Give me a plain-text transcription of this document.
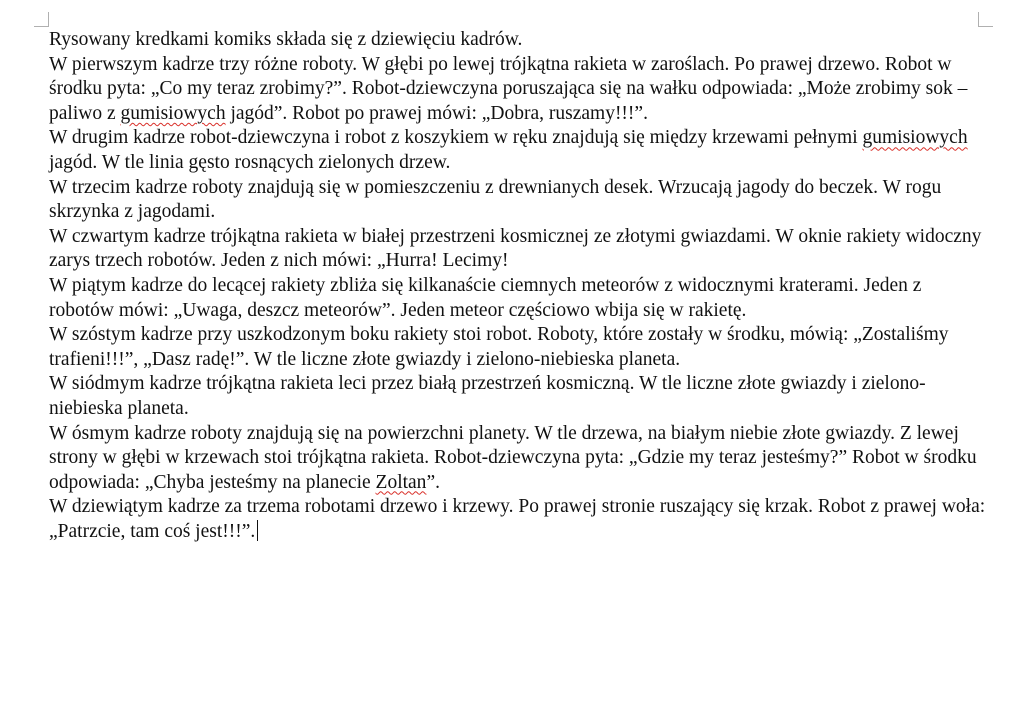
Rysowany kredkami komiks składa się z dziewięciu kadrów.

W pierwszym kadrze trzy różne roboty. W głębi po lewej trójkątna rakieta w zaroślach. Po prawej drzewo. Robot w środku pyta: „Co my teraz zrobimy?”. Robot-dziewczyna poruszająca się na wałku odpowiada: „Może zrobimy sok – paliwo z gumisiowych jagód”. Robot po prawej mówi: „Dobra, ruszamy!!!”.

W drugim kadrze robot-dziewczyna i robot z koszykiem w ręku znajdują się między krzewami pełnymi gumisiowych jagód. W tle linia gęsto rosnących zielonych drzew.

W trzecim kadrze roboty znajdują się w pomieszczeniu z drewnianych desek. Wrzucają jagody do beczek. W rogu skrzynka z jagodami.

W czwartym kadrze trójkątna rakieta w białej przestrzeni kosmicznej ze złotymi gwiazdami. W oknie rakiety widoczny zarys trzech robotów. Jeden z nich mówi: „Hurra! Lecimy!

W piątym kadrze do lecącej rakiety zbliża się kilkanaście ciemnych meteorów z widocznymi kraterami. Jeden z robotów mówi: „Uwaga, deszcz meteorów”. Jeden meteor częściowo wbija się w rakietę.

W szóstym kadrze przy uszkodzonym boku rakiety stoi robot. Roboty, które zostały w środku, mówią: „Zostaliśmy trafieni!!!”, „Dasz radę!”. W tle liczne złote gwiazdy i zielono-niebieska planeta.

W siódmym kadrze trójkątna rakieta leci przez białą przestrzeń kosmiczną. W tle liczne złote gwiazdy i zielono-niebieska planeta.

W ósmym kadrze roboty znajdują się na powierzchni planety. W tle drzewa, na białym niebie złote gwiazdy. Z lewej strony w głębi w krzewach stoi trójkątna rakieta. Robot-dziewczyna pyta: „Gdzie my teraz jesteśmy?” Robot w środku odpowiada: „Chyba jesteśmy na planecie Zoltan”.

W dziewiątym kadrze za trzema robotami drzewo i krzewy. Po prawej stronie ruszający się krzak. Robot z prawej woła: „Patrzcie, tam coś jest!!!”.
